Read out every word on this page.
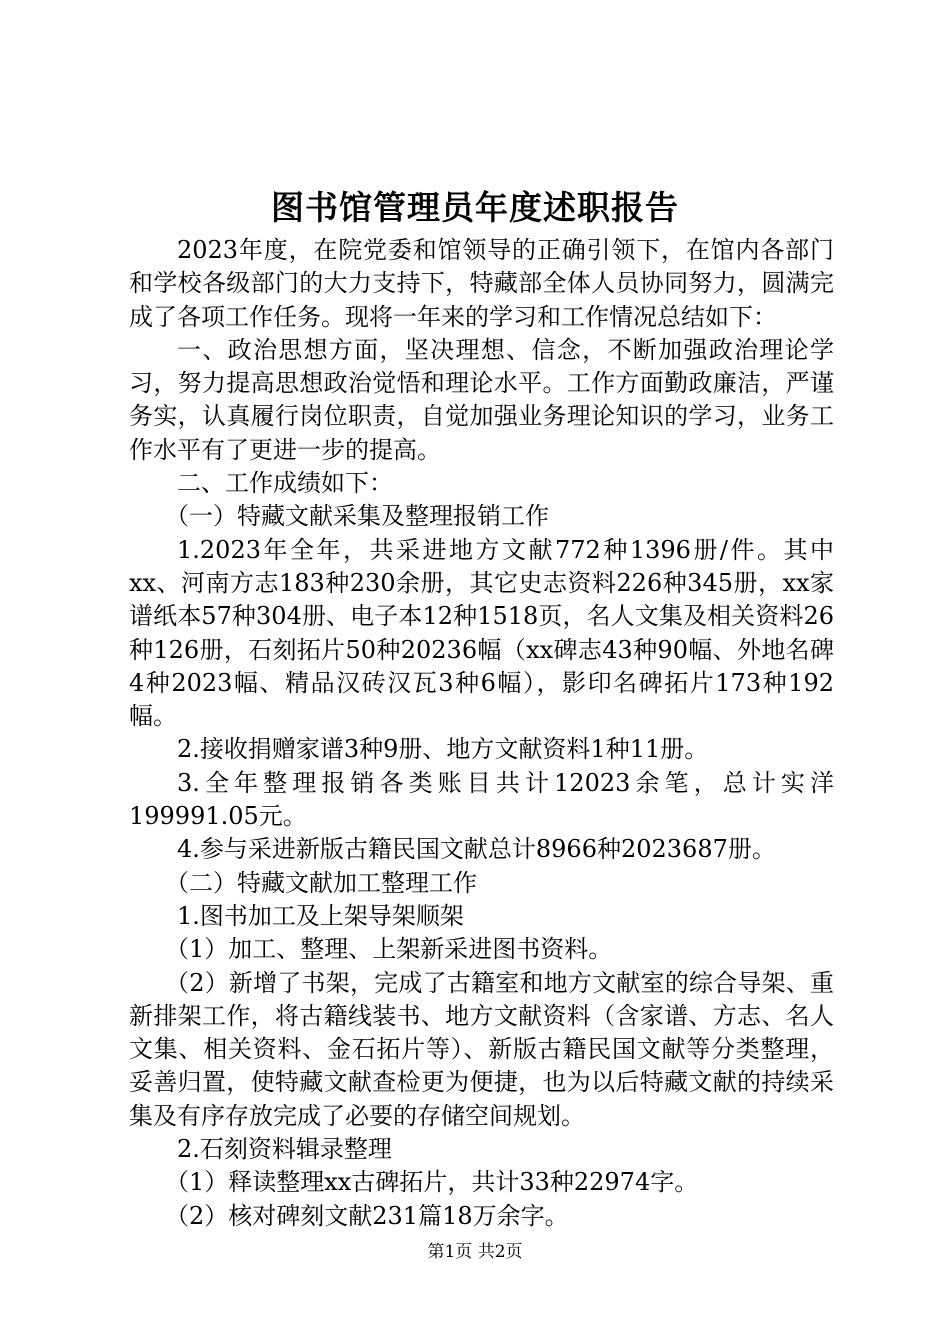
图书馆管理员年度述职报告

2023年度，在院党委和馆领导的正确引领下，在馆内各部门和学校各级部门的大力支持下，特藏部全体人员协同努力，圆满完成了各项工作任务。现将一年来的学习和工作情况总结如下：

一、政治思想方面，坚决理想、信念，不断加强政治理论学习，努力提高思想政治觉悟和理论水平。工作方面勤政廉洁，严谨务实，认真履行岗位职责，自觉加强业务理论知识的学习，业务工作水平有了更进一步的提高。

二、工作成绩如下：

（一）特藏文献采集及整理报销工作

1.2023年全年，共采进地方文献772种1396册/件。其中xx、河南方志183种230余册，其它史志资料226种345册，xx家谱纸本57种304册、电子本12种1518页，名人文集及相关资料26种126册，石刻拓片50种20236幅（xx碑志43种90幅、外地名碑4种2023幅、精品汉砖汉瓦3种6幅），影印名碑拓片173种192幅。

2.接收捐赠家谱3种9册、地方文献资料1种11册。

3.全年整理报销各类账目共计12023余笔，总计实洋199991.05元。

4.参与采进新版古籍民国文献总计8966种2023687册。

（二）特藏文献加工整理工作

1.图书加工及上架导架顺架

（1）加工、整理、上架新采进图书资料。

（2）新增了书架，完成了古籍室和地方文献室的综合导架、重新排架工作，将古籍线装书、地方文献资料（含家谱、方志、名人文集、相关资料、金石拓片等）、新版古籍民国文献等分类整理，妥善归置，使特藏文献查检更为便捷，也为以后特藏文献的持续采集及有序存放完成了必要的存储空间规划。

2.石刻资料辑录整理

（1）释读整理xx古碑拓片，共计33种22974字。

（2）核对碑刻文献231篇18万余字。

第1页 共2页
